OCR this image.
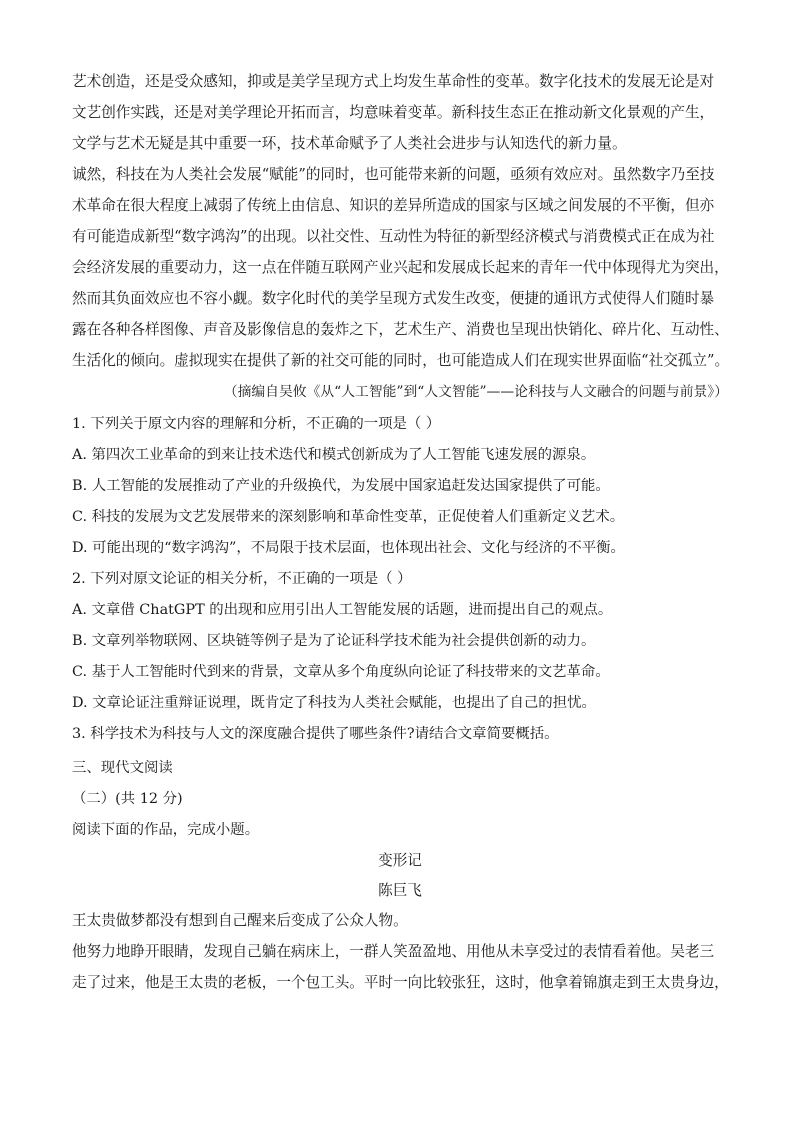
艺术创造，还是受众感知，抑或是美学呈现方式上均发生革命性的变革。数字化技术的发展无论是对

文艺创作实践，还是对美学理论开拓而言，均意味着变革。新科技生态正在推动新文化景观的产生，

文学与艺术无疑是其中重要一环，技术革命赋予了人类社会进步与认知迭代的新力量。

诚然，科技在为人类社会发展“赋能”的同时，也可能带来新的问题，亟须有效应对。虽然数字乃至技

术革命在很大程度上减弱了传统上由信息、知识的差异所造成的国家与区域之间发展的不平衡，但亦

有可能造成新型“数字鸿沟”的出现。以社交性、互动性为特征的新型经济模式与消费模式正在成为社

会经济发展的重要动力，这一点在伴随互联网产业兴起和发展成长起来的青年一代中体现得尤为突出，

然而其负面效应也不容小觑。数字化时代的美学呈现方式发生改变，便捷的通讯方式使得人们随时暴

露在各种各样图像、声音及影像信息的轰炸之下，艺术生产、消费也呈现出快销化、碎片化、互动性、

生活化的倾向。虚拟现实在提供了新的社交可能的同时，也可能造成人们在现实世界面临“社交孤立”。

（摘编自吴攸《从“人工智能”到“人文智能”——论科技与人文融合的问题与前景》）
1. 下列关于原文内容的理解和分析，不正确的一项是（ ）
A. 第四次工业革命的到来让技术迭代和模式创新成为了人工智能飞速发展的源泉。
B. 人工智能的发展推动了产业的升级换代，为发展中国家追赶发达国家提供了可能。
C. 科技的发展为文艺发展带来的深刻影响和革命性变革，正促使着人们重新定义艺术。
D. 可能出现的“数字鸿沟”，不局限于技术层面，也体现出社会、文化与经济的不平衡。
2. 下列对原文论证的相关分析，不正确的一项是（ ）
A. 文章借 ChatGPT 的出现和应用引出人工智能发展的话题，进而提出自己的观点。
B. 文章列举物联网、区块链等例子是为了论证科学技术能为社会提供创新的动力。
C. 基于人工智能时代到来的背景，文章从多个角度纵向论证了科技带来的文艺革命。
D. 文章论证注重辩证说理，既肯定了科技为人类社会赋能，也提出了自己的担忧。
3. 科学技术为科技与人文的深度融合提供了哪些条件?请结合文章简要概括。
三、现代文阅读
（二）(共 12 分)
阅读下面的作品，完成小题。
变形记
陈巨飞

王太贵做梦都没有想到自己醒来后变成了公众人物。

他努力地睁开眼睛，发现自己躺在病床上，一群人笑盈盈地、用他从未享受过的表情看着他。吴老三

走了过来，他是王太贵的老板，一个包工头。平时一向比较张狂，这时，他拿着锦旗走到王太贵身边，
